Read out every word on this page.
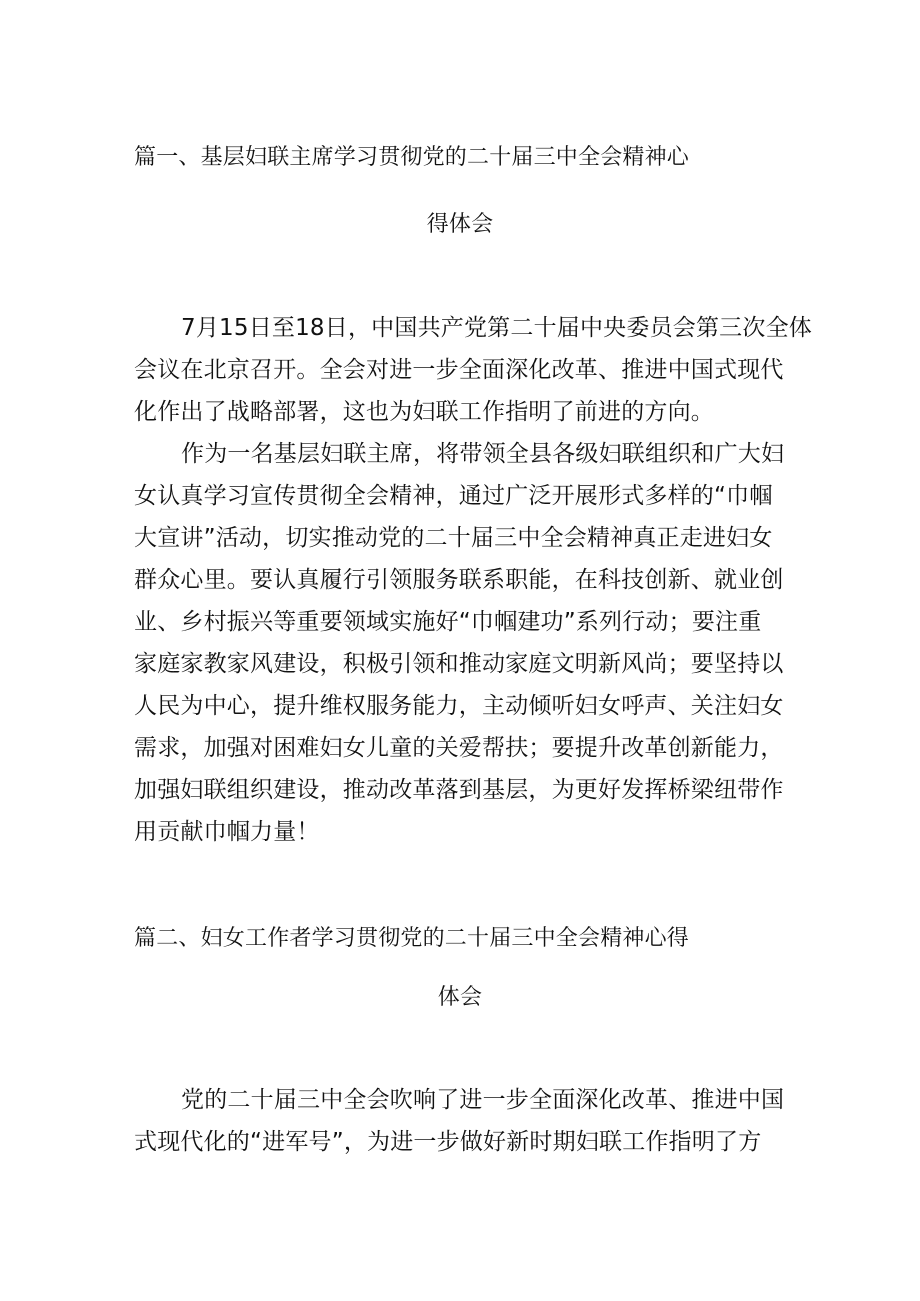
篇一、基层妇联主席学习贯彻党的二十届三中全会精神心
得体会
7月15日至18日，中国共产党第二十届中央委员会第三次全体
会议在北京召开。全会对进一步全面深化改革、推进中国式现代
化作出了战略部署，这也为妇联工作指明了前进的方向。
作为一名基层妇联主席，将带领全县各级妇联组织和广大妇
女认真学习宣传贯彻全会精神，通过广泛开展形式多样的“巾帼
大宣讲”活动，切实推动党的二十届三中全会精神真正走进妇女
群众心里。要认真履行引领服务联系职能，在科技创新、就业创
业、乡村振兴等重要领域实施好“巾帼建功”系列行动；要注重
家庭家教家风建设，积极引领和推动家庭文明新风尚；要坚持以
人民为中心，提升维权服务能力，主动倾听妇女呼声、关注妇女
需求，加强对困难妇女儿童的关爱帮扶；要提升改革创新能力，
加强妇联组织建设，推动改革落到基层，为更好发挥桥梁纽带作
用贡献巾帼力量！
篇二、妇女工作者学习贯彻党的二十届三中全会精神心得
体会
党的二十届三中全会吹响了进一步全面深化改革、推进中国
式现代化的“进军号”，为进一步做好新时期妇联工作指明了方
